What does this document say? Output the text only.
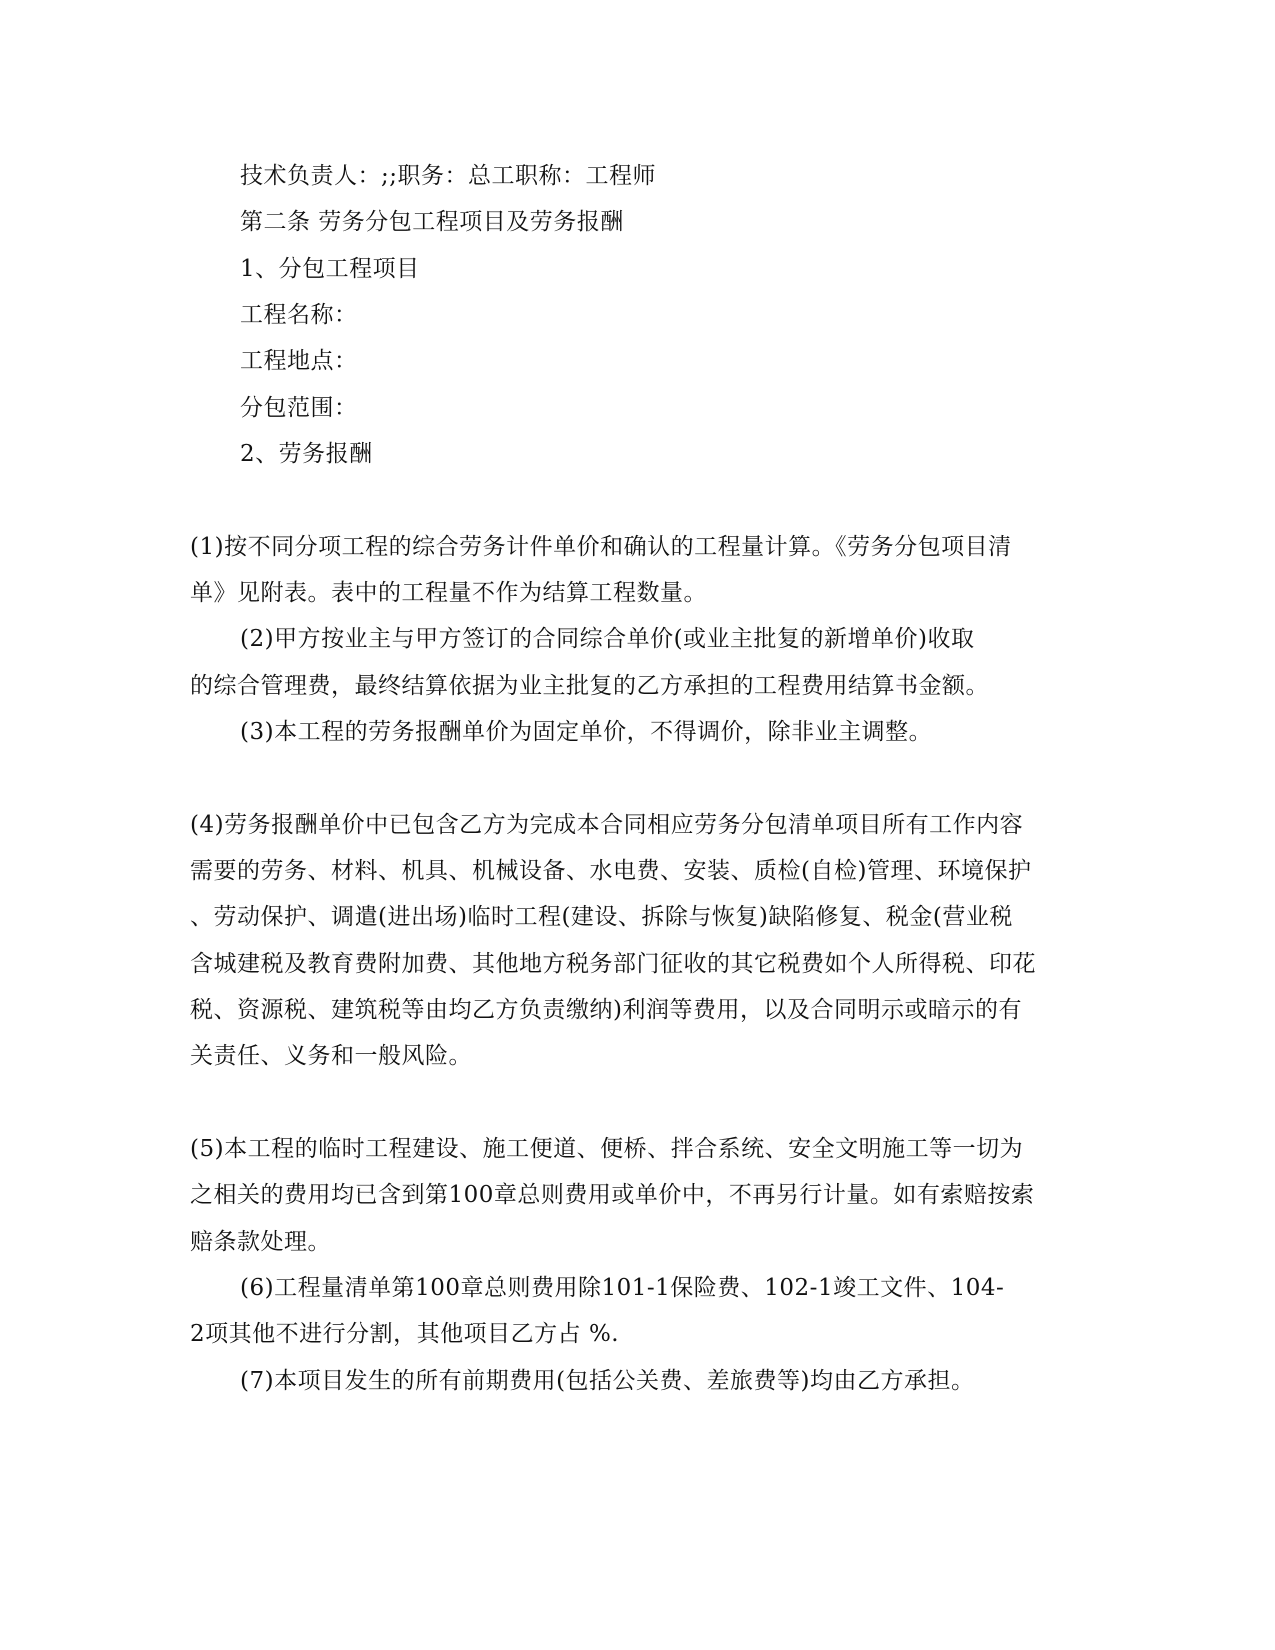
技术负责人：;;职务：总工职称：工程师
第二条 劳务分包工程项目及劳务报酬
1、分包工程项目
工程名称：
工程地点：
分包范围：
2、劳务报酬
(1)按不同分项工程的综合劳务计件单价和确认的工程量计算。《劳务分包项目清
单》见附表。表中的工程量不作为结算工程数量。
(2)甲方按业主与甲方签订的合同综合单价(或业主批复的新增单价)收取
的综合管理费，最终结算依据为业主批复的乙方承担的工程费用结算书金额。
(3)本工程的劳务报酬单价为固定单价，不得调价，除非业主调整。
(4)劳务报酬单价中已包含乙方为完成本合同相应劳务分包清单项目所有工作内容
需要的劳务、材料、机具、机械设备、水电费、安装、质检(自检)管理、环境保护
、劳动保护、调遣(进出场)临时工程(建设、拆除与恢复)缺陷修复、税金(营业税
含城建税及教育费附加费、其他地方税务部门征收的其它税费如个人所得税、印花
税、资源税、建筑税等由均乙方负责缴纳)利润等费用，以及合同明示或暗示的有
关责任、义务和一般风险。
(5)本工程的临时工程建设、施工便道、便桥、拌合系统、安全文明施工等一切为
之相关的费用均已含到第100章总则费用或单价中，不再另行计量。如有索赔按索
赔条款处理。
(6)工程量清单第100章总则费用除101-1保险费、102-1竣工文件、104-
2项其他不进行分割，其他项目乙方占 %.
(7)本项目发生的所有前期费用(包括公关费、差旅费等)均由乙方承担。
